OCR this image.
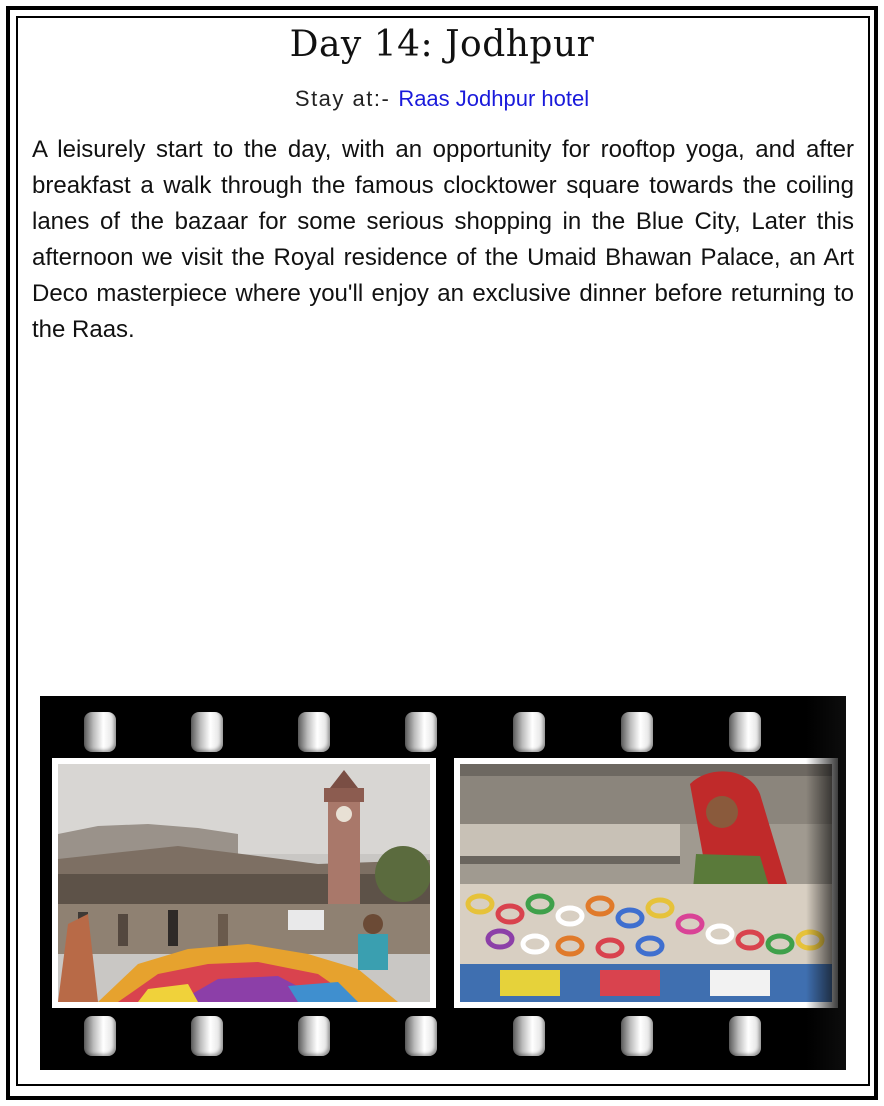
Day 14: Jodhpur
Stay at:- Raas Jodhpur hotel

A leisurely start to the day, with an opportunity for rooftop yoga, and after breakfast a walk through the famous clocktower square towards the coiling lanes of the bazaar for some serious shopping in the Blue City, Later this afternoon we visit the Royal residence of the Umaid Bhawan Palace, an Art Deco masterpiece where you'll enjoy an exclusive dinner before returning to the Raas.
